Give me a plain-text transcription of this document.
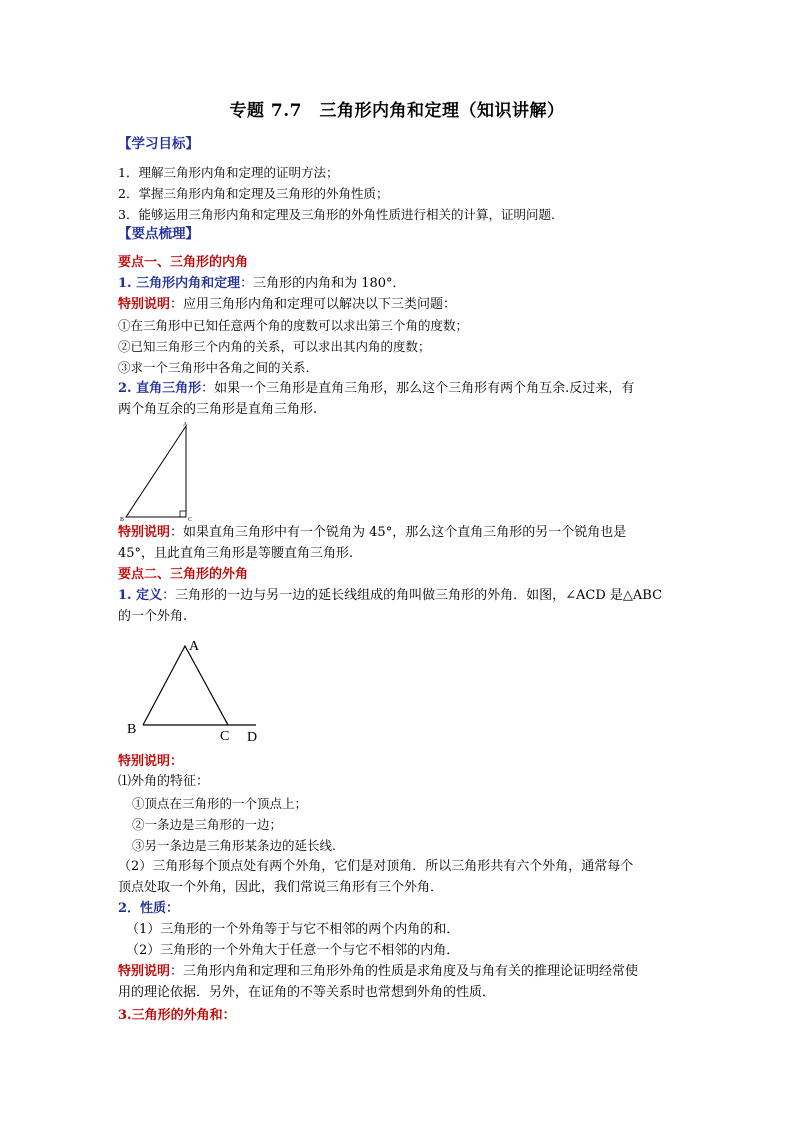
专题 7.7　三角形内角和定理（知识讲解）
【学习目标】
1．理解三角形内角和定理的证明方法；
2．掌握三角形内角和定理及三角形的外角性质；
3．能够运用三角形内角和定理及三角形的外角性质进行相关的计算，证明问题.
【要点梳理】
要点一、三角形的内角
1. 三角形内角和定理：三角形的内角和为 180°．
特别说明：应用三角形内角和定理可以解决以下三类问题：
①在三角形中已知任意两个角的度数可以求出第三个角的度数；
②已知三角形三个内角的关系，可以求出其内角的度数；
③求一个三角形中各角之间的关系.
2. 直角三角形：如果一个三角形是直角三角形，那么这个三角形有两个角互余.反过来，有
两个角互余的三角形是直角三角形.
A
B	C
特别说明：如果直角三角形中有一个锐角为 45°，那么这个直角三角形的另一个锐角也是
45°，且此直角三角形是等腰直角三角形.
要点二、三角形的外角
1. 定义：三角形的一边与另一边的延长线组成的角叫做三角形的外角．如图，∠ACD 是△ABC
的一个外角.
A
B	C D
特别说明：
⑴外角的特征：
①顶点在三角形的一个顶点上；
②一条边是三角形的一边；
③另一条边是三角形某条边的延长线.
（2）三角形每个顶点处有两个外角，它们是对顶角．所以三角形共有六个外角，通常每个
顶点处取一个外角，因此，我们常说三角形有三个外角．
2．性质：
（1）三角形的一个外角等于与它不相邻的两个内角的和．
（2）三角形的一个外角大于任意一个与它不相邻的内角．
特别说明：三角形内角和定理和三角形外角的性质是求角度及与角有关的推理论证明经常使
用的理论依据．另外，在证角的不等关系时也常想到外角的性质．
3.三角形的外角和：
